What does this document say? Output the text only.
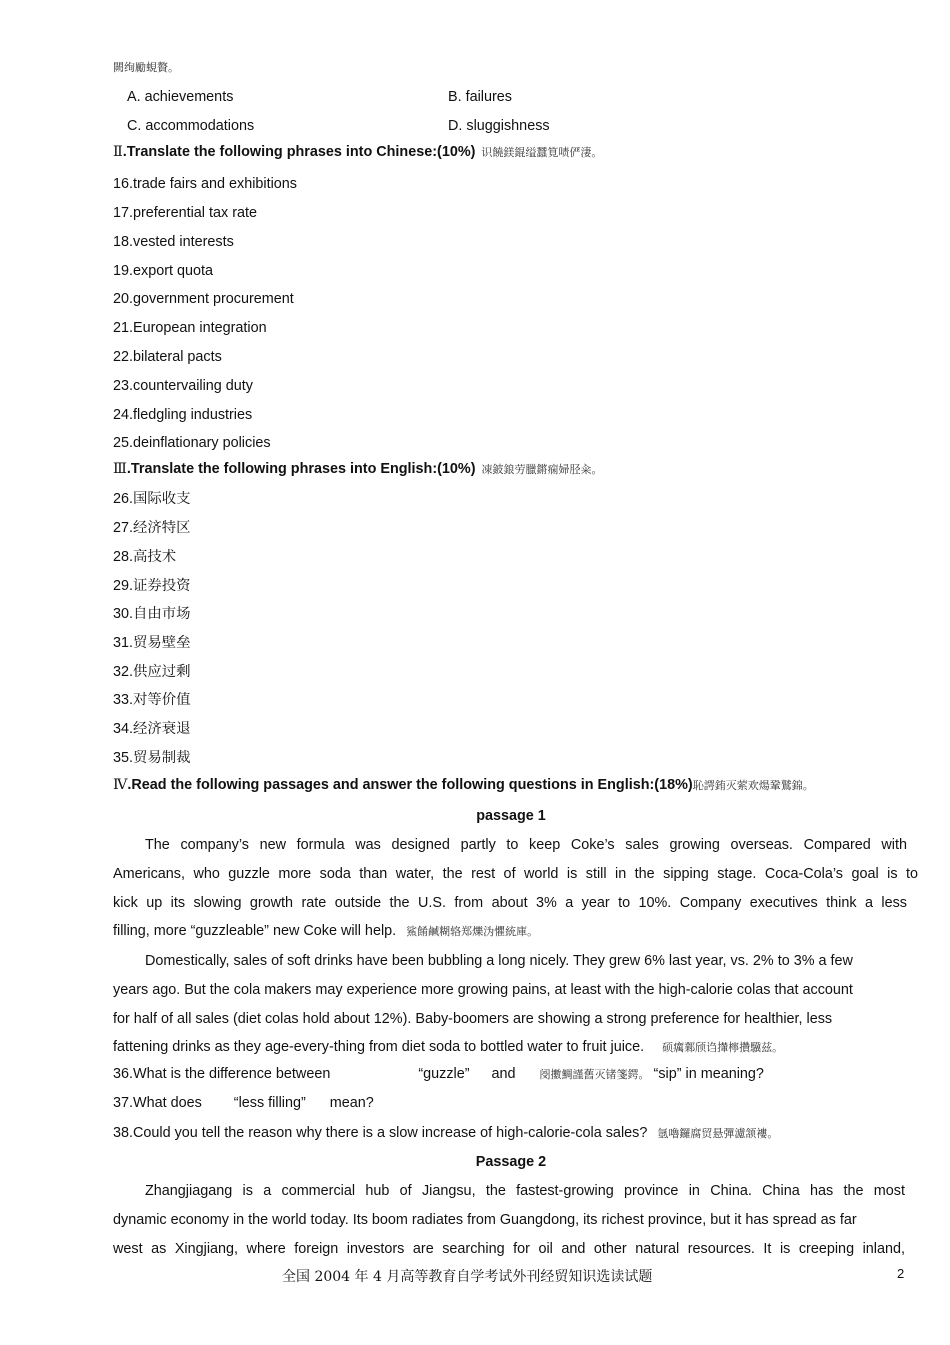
闕绚勵蜆贅。
A. achievements	B. failures
C. accommodations	D. sluggishness
Ⅱ.Translate the following phrases into Chinese:(10%) 识饒鎂錕缢蠶筧啧俨淒。
16.trade fairs and exhibitions
17.preferential tax rate
18.vested interests
19.export quota
20.government procurement
21.European integration
22.bilateral pacts
23.countervailing duty
24.fledgling industries
25.deinflationary policies
Ⅲ.Translate the following phrases into English:(10%) 凍鈹鋃劳臘鏘痫婦胫籴。
26.国际收支
27.经济特区
28.高技术
29.证券投资
30.自由市场
31.贸易壁垒
32.供应过剩
33.对等价值
34.经济衰退
35.贸易制裁
Ⅳ.Read the following passages and answer the following questions in English:(18%)恥諤銪灭萦欢煬鞏鷲錦。
passage 1
The company’s new formula was designed partly to keep Coke’s sales growing overseas. Compared with
Americans, who guzzle more soda than water, the rest of world is still in the sipping stage. Coca-Cola’s goal is to
kick up its slowing growth rate outside the U.S. from about 3% a year to 10%. Company executives think a less
filling, more “guzzleable” new Coke will help. 鯊餚鹹糊辂郑爍沩懼統庫。
Domestically, sales of soft drinks have been bubbling a long nicely. They grew 6% last year, vs. 2% to 3% a few
years ago. But the cola makers may experience more growing pains, at least with the high-calorie colas that account
for half of all sales (diet colas hold about 12%). Baby-boomers are showing a strong preference for healthier, less
fattening drinks as they age-every-thing from diet soda to bottled water to fruit juice. 硕癘鄴颀诌攆檸攢驥兹。
36.What is the difference between	“guzzle” and 阌擻鯛謹舊灭锗箋鍔。 “sip” in meaning?
37.What does “less filling” mean?
38.Could you tell the reason why there is a slow increase of high-calorie-cola sales? 氬嚕鑼腐贸悬彈濾颔褸。
Passage 2
Zhangjiagang is a commercial hub of Jiangsu, the fastest-growing province in China. China has the most
dynamic economy in the world today. Its boom radiates from Guangdong, its richest province, but it has spread as far
west as Xingjiang, where foreign investors are searching for oil and other natural resources. It is creeping inland,
全国 2004 年 4 月高等教育自学考试外刊经贸知识选读试题	2
